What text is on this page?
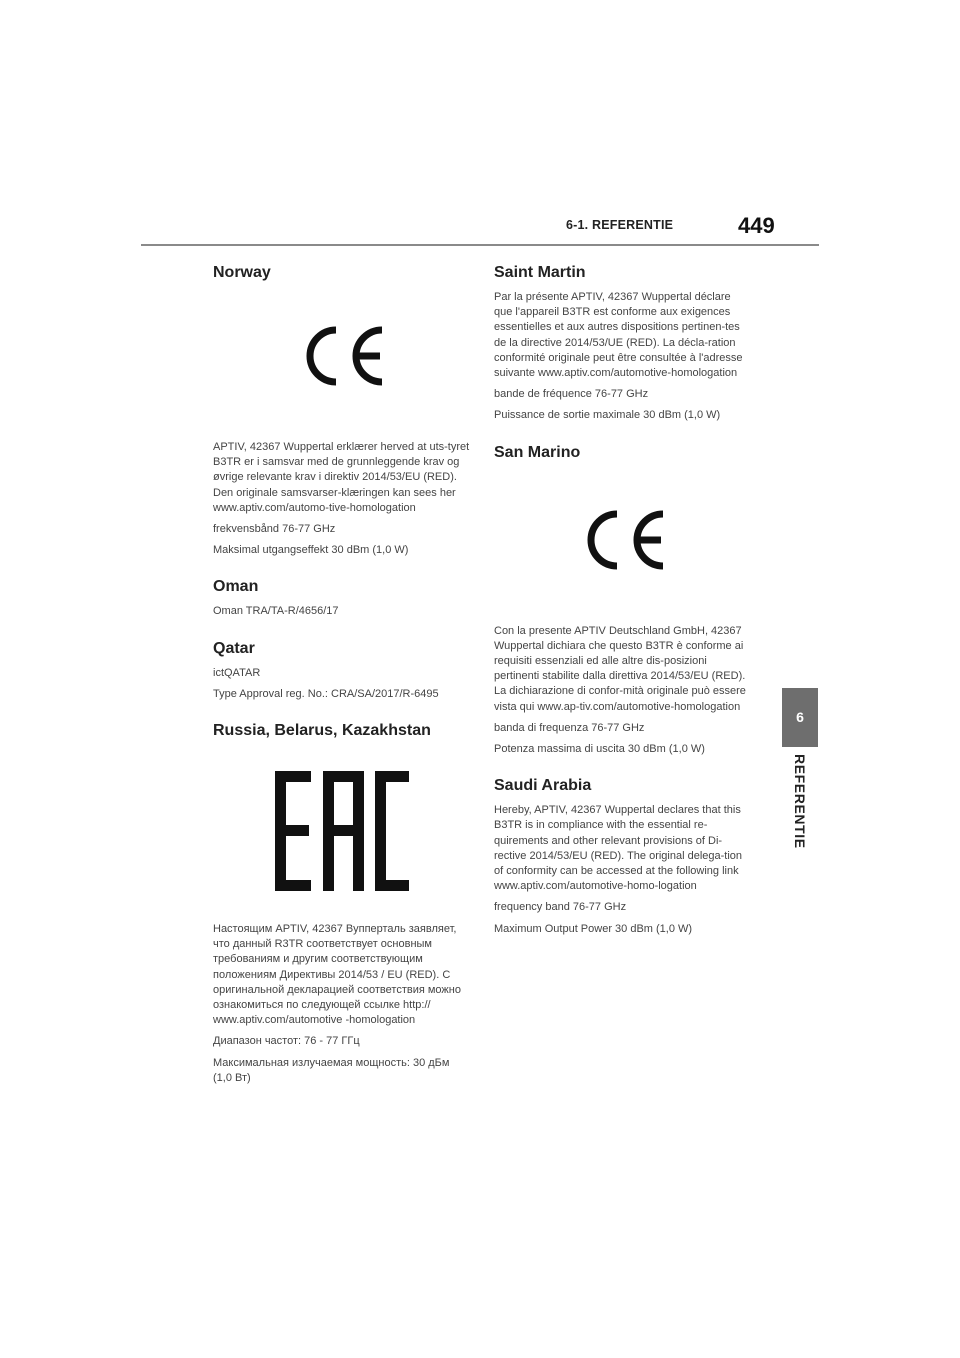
6-1. REFERENTIE	449
6
REFERENTIE
Norway

APTIV, 42367 Wuppertal erklærer herved at uts-tyret B3TR er i samsvar med de grunnleggende krav og øvrige relevante krav i direktiv 2014/53/EU (RED). Den originale samsvarser-klæringen kan sees her www.aptiv.com/automo-tive-homologation

frekvensbånd 76-77 GHz

Maksimal utgangseffekt 30 dBm (1,0 W)

Oman

Oman TRA/TA-R/4656/17

Qatar

ictQATAR

Type Approval reg. No.: CRA/SA/2017/R-6495

Russia, Belarus, Kazakhstan

Настоящим APTIV, 42367 Вупперталь заявляет, что данный R3TR соответствует основным требованиям и другим соответствующим положениям Директивы 2014/53 / EU (RED). С оригинальной декларацией соответствия можно ознакомиться по следующей ссылке http:// www.aptiv.com/automotive -homologation

Диапазон частот: 76 - 77 ГГц

Максимальная излучаемая мощность: 30 дБм (1,0 Вт)

Saint Martin

Par la présente APTIV, 42367 Wuppertal déclare que l'appareil B3TR est conforme aux exigences essentielles et aux autres dispositions pertinen-tes de la directive 2014/53/UE (RED). La décla-ration conformité originale peut être consultée à l'adresse suivante www.aptiv.com/automotive-homologation

bande de fréquence 76-77 GHz

Puissance de sortie maximale 30 dBm (1,0 W)

San Marino

Con la presente APTIV Deutschland GmbH, 42367 Wuppertal dichiara che questo B3TR è conforme ai requisiti essenziali ed alle altre dis-posizioni pertinenti stabilite dalla direttiva 2014/53/EU (RED). La dichiarazione di confor-mità originale può essere vista qui www.ap-tiv.com/automotive-homologation

banda di frequenza 76-77 GHz

Potenza massima di uscita 30 dBm (1,0 W)

Saudi Arabia

Hereby, APTIV, 42367 Wuppertal declares that this B3TR is in compliance with the essential re-quirements and other relevant provisions of Di-rective 2014/53/EU (RED). The original delega-tion of conformity can be accessed at the following link www.aptiv.com/automotive-homo-logation

frequency band 76-77 GHz

Maximum Output Power 30 dBm (1,0 W)
